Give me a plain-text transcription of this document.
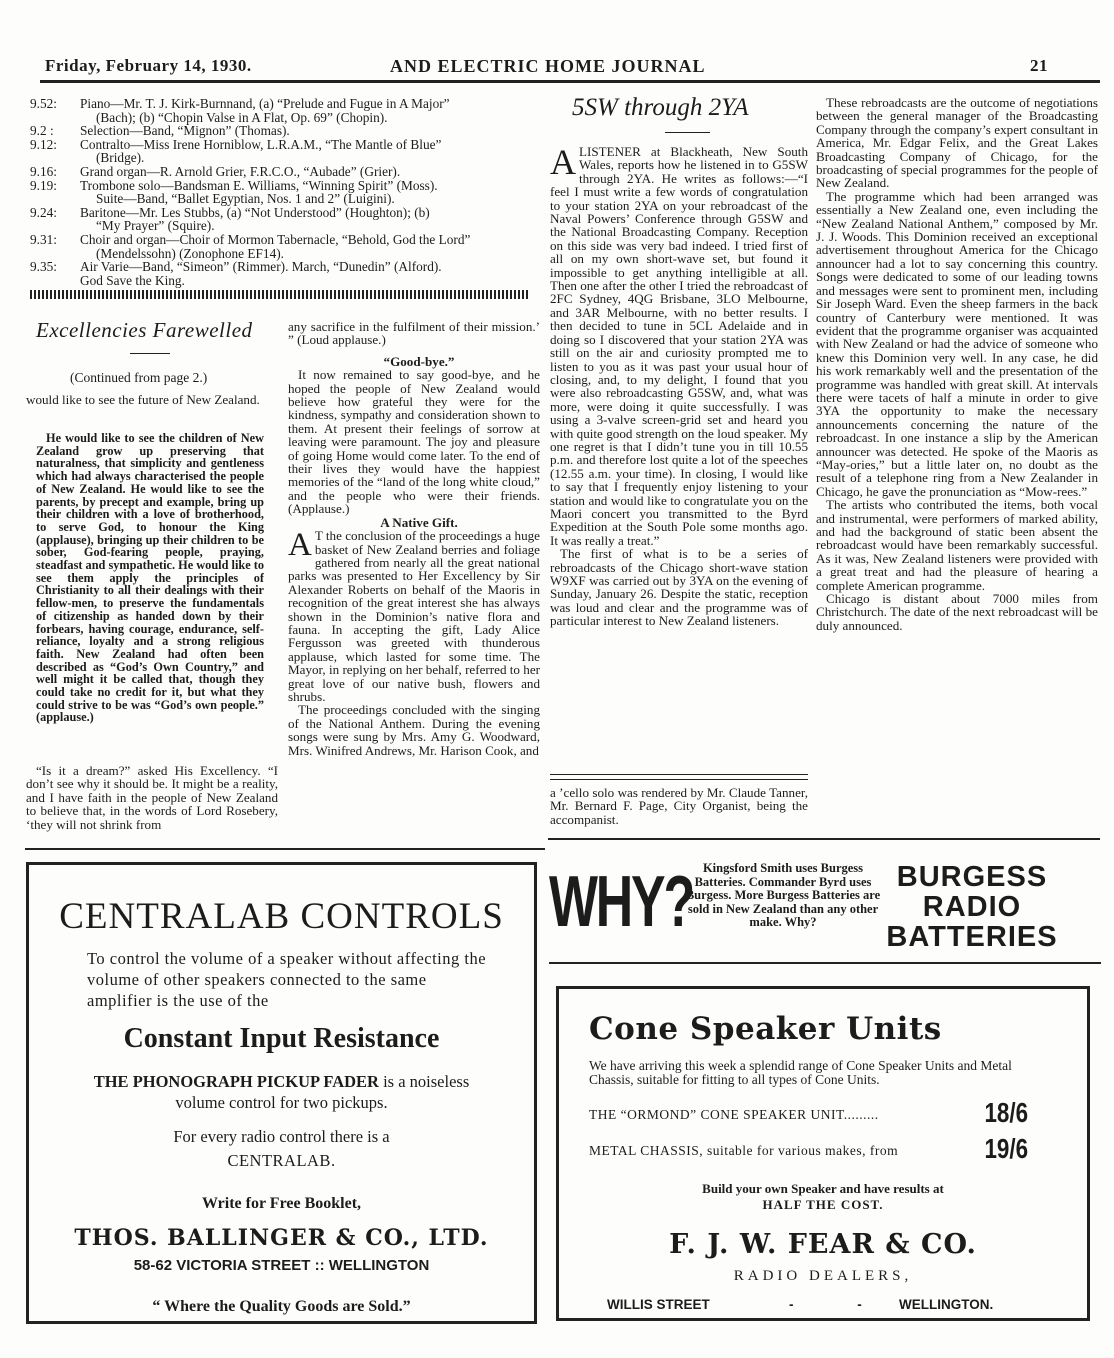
Friday, February 14, 1930.	AND ELECTRIC HOME JOURNAL	21
9.52: Piano—Mr. T. J. Kirk-Burnnand, (a) “Prelude and Fugue in A Major”
(Bach); (b) “Chopin Valse in A Flat, Op. 69” (Chopin).
9.2 : Selection—Band, “Mignon” (Thomas).
9.12: Contralto—Miss Irene Horniblow, L.R.A.M., “The Mantle of Blue”
(Bridge).
9.16: Grand organ—R. Arnold Grier, F.R.C.O., “Aubade” (Grier).
9.19: Trombone solo—Bandsman E. Williams, “Winning Spirit” (Moss).
Suite—Band, “Ballet Egyptian, Nos. 1 and 2” (Luigini).
9.24: Baritone—Mr. Les Stubbs, (a) “Not Understood” (Houghton); (b)
“My Prayer” (Squire).
9.31: Choir and organ—Choir of Mormon Tabernacle, “Behold, God the Lord”
(Mendelssohn) (Zonophone EF14).
9.35: Air Varie—Band, “Simeon” (Rimmer). March, “Dunedin” (Alford).
God Save the King.
Excellencies Farewelled
(Continued from page 2.)

would like to see the future of New Zealand.

He would like to see the children of New Zealand grow up preserving that naturalness, that simplicity and gentleness which had always characterised the people of New Zealand. He would like to see the parents, by precept and example, bring up their children with a love of brotherhood, to serve God, to honour the King (applause), bringing up their children to be sober, God-fearing people, praying, steadfast and sympathetic. He would like to see them apply the principles of Christianity to all their dealings with their fellow-men, to preserve the fundamentals of citizenship as handed down by their forbears, having courage, endurance, self-reliance, loyalty and a strong religious faith. New Zealand had often been described as “God’s Own Country,” and well might it be called that, though they could take no credit for it, but what they could strive to be was “God’s own people.” (applause.)

“Is it a dream?” asked His Excellency. “I don’t see why it should be. It might be a reality, and I have faith in the people of New Zealand to believe that, in the words of Lord Rosebery, ‘they will not shrink from

any sacrifice in the fulfilment of their mission.’ ” (Loud applause.)

“Good-bye.”

It now remained to say good-bye, and he hoped the people of New Zealand would believe how grateful they were for the kindness, sympathy and consideration shown to them. At present their feelings of sorrow at leaving were paramount. The joy and pleasure of going Home would come later. To the end of their lives they would have the happiest memories of the “land of the long white cloud,” and the people who were their friends. (Applause.)

A Native Gift.

A T the conclusion of the proceedings a huge basket of New Zealand berries and foliage gathered from nearly all the great national parks was presented to Her Excellency by Sir Alexander Roberts on behalf of the Maoris in recognition of the great interest she has always shown in the Dominion’s native flora and fauna. In accepting the gift, Lady Alice Fergusson was greeted with thunderous applause, which lasted for some time. The Mayor, in replying on her behalf, referred to her great love of our native bush, flowers and shrubs.

The proceedings concluded with the singing of the National Anthem. During the evening songs were sung by Mrs. Amy G. Woodward, Mrs. Winifred Andrews, Mr. Harison Cook, and

5SW through 2YA

ALISTENER at Blackheath, New South Wales, reports how he listened in to G5SW through 2YA. He writes as follows:—“I feel I must write a few words of congratulation to your station 2YA on your rebroadcast of the Naval Powers’ Conference through G5SW and the National Broadcasting Company. Reception on this side was very bad indeed. I tried first of all on my own short-wave set, but found it impossible to get anything intelligible at all. Then one after the other I tried the rebroadcast of 2FC Sydney, 4QG Brisbane, 3LO Melbourne, and 3AR Melbourne, with no better results. I then decided to tune in 5CL Adelaide and in doing so I discovered that your station 2YA was still on the air and curiosity prompted me to listen to you as it was past your usual hour of closing, and, to my delight, I found that you were also rebroadcasting G5SW, and, what was more, were doing it quite successfully. I was using a 3-valve screen-grid set and heard you with quite good strength on the loud speaker. My one regret is that I didn’t tune you in till 10.55 p.m. and therefore lost quite a lot of the speeches (12.55 a.m. your time). In closing, I would like to say that I frequently enjoy listening to your station and would like to congratulate you on the Maori concert you transmitted to the Byrd Expedition at the South Pole some months ago. It was really a treat.”

The first of what is to be a series of rebroadcasts of the Chicago short-wave station W9XF was carried out by 3YA on the evening of Sunday, January 26. Despite the static, reception was loud and clear and the programme was of particular interest to New Zealand listeners.

a ’cello solo was rendered by Mr. Claude Tanner, Mr. Bernard F. Page, City Organist, being the accompanist.

These rebroadcasts are the outcome of negotiations between the general manager of the Broadcasting Company through the company’s expert consultant in America, Mr. Edgar Felix, and the Great Lakes Broadcasting Company of Chicago, for the broadcasting of special programmes for the people of New Zealand.

The programme which had been arranged was essentially a New Zealand one, even including the “New Zealand National Anthem,” composed by Mr. J. J. Woods. This Dominion received an exceptional advertisement throughout America for the Chicago announcer had a lot to say concerning this country. Songs were dedicated to some of our leading towns and messages were sent to prominent men, including Sir Joseph Ward. Even the sheep farmers in the back country of Canterbury were mentioned. It was evident that the programme organiser was acquainted with New Zealand or had the advice of someone who knew this Dominion very well. In any case, he did his work remarkably well and the presentation of the programme was handled with great skill. At intervals there were tacets of half a minute in order to give 3YA the opportunity to make the necessary announcements concerning the nature of the rebroadcast. In one instance a slip by the American announcer was detected. He spoke of the Maoris as “May-ories,” but a little later on, no doubt as the result of a telephone ring from a New Zealander in Chicago, he gave the pronunciation as “Mow-rees.”

The artists who contributed the items, both vocal and instrumental, were performers of marked ability, and had the background of static been absent the rebroadcast would have been remarkably successful. As it was, New Zealand listeners were provided with a great treat and had the pleasure of hearing a complete American programme.

Chicago is distant about 7000 miles from Christchurch. The date of the next rebroadcast will be duly announced.

CENTRALAB CONTROLS
To control the volume of a speaker without affecting the volume of other speakers connected to the same amplifier is the use of the
Constant Input Resistance
THE PHONOGRAPH PICKUP FADER is a noiseless volume control for two pickups.
For every radio control there is a
CENTRALAB.
Write for Free Booklet,
THOS. BALLINGER & CO., LTD.
58-62 VICTORIA STREET :: WELLINGTON
“ Where the Quality Goods are Sold.”
WHY? Kingsford Smith uses Burgess Batteries. Commander Byrd uses Burgess. More Burgess Batteries are sold in New Zealand than any other make. Why?
BURGESS
RADIO
BATTERIES
Cone Speaker Units
We have arriving this week a splendid range of Cone Speaker Units and Metal Chassis, suitable for fitting to all types of Cone Units.
THE “ORMOND” CONE SPEAKER UNIT.........	18/6
METAL CHASSIS, suitable for various makes, from	19/6
Build your own Speaker and have results at
HALF THE COST.
F. J. W. FEAR & CO.
RADIO DEALERS,
WILLIS STREET	- - WELLINGTON.
